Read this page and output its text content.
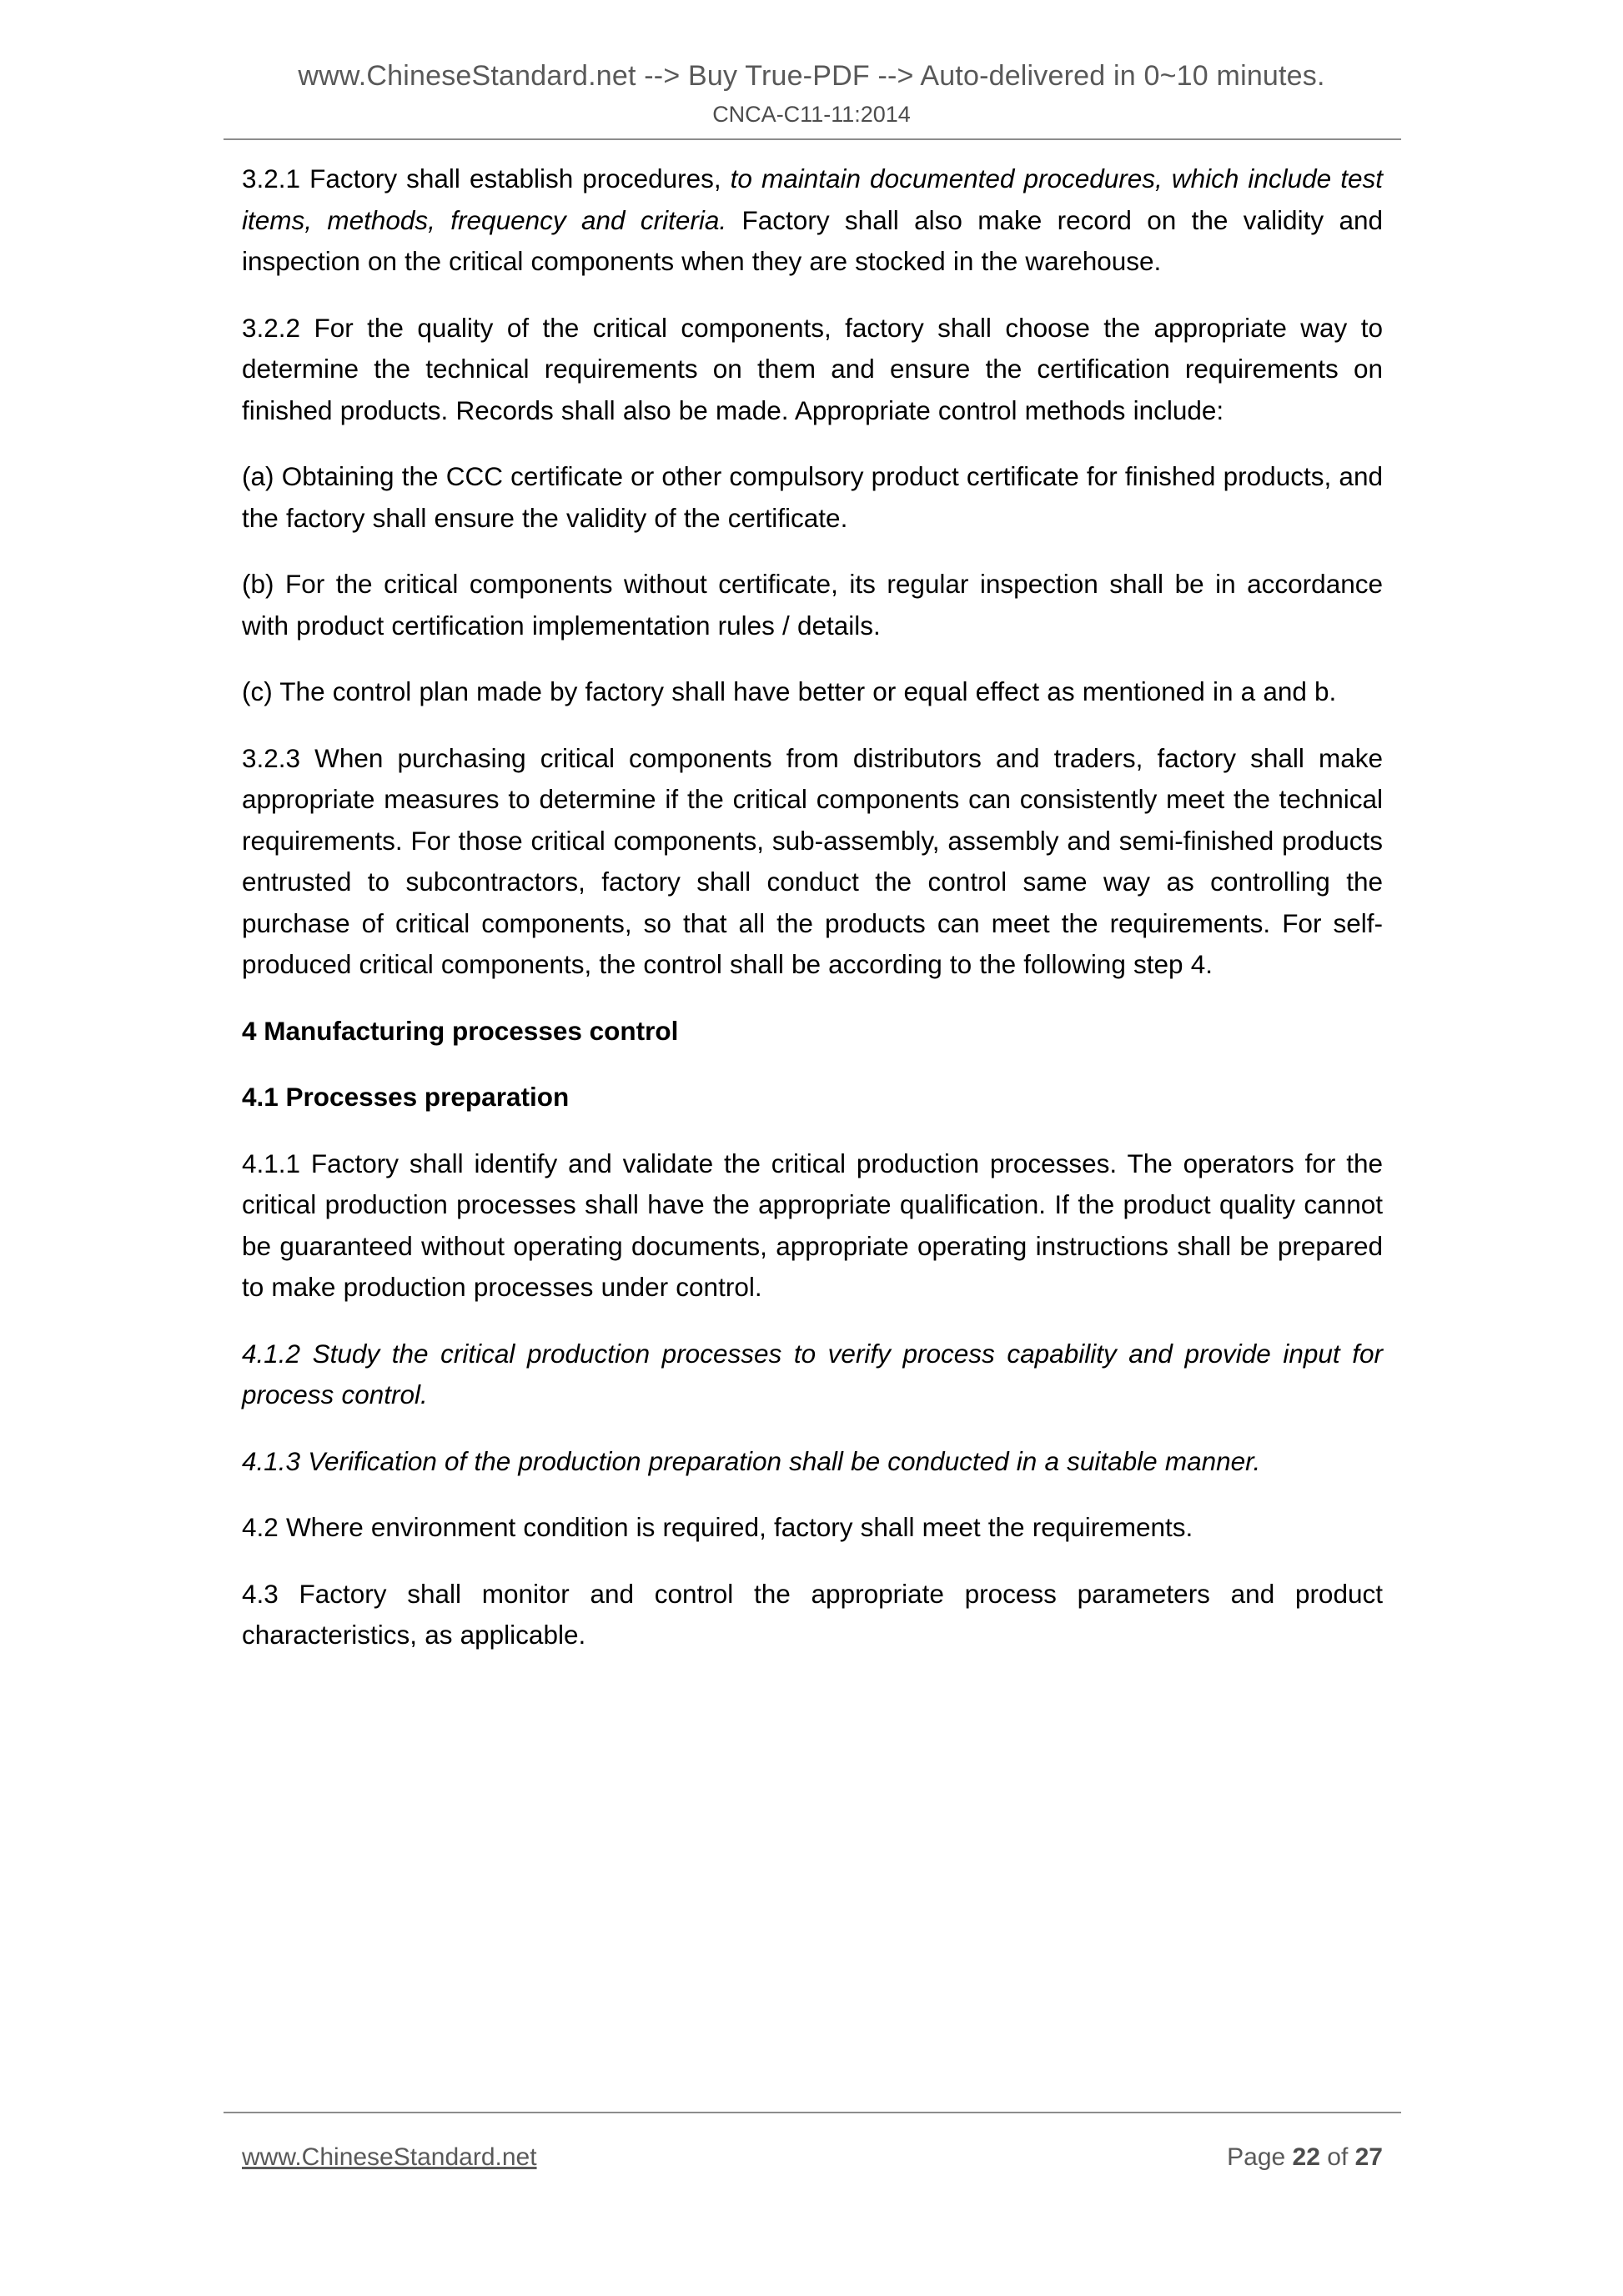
www.ChineseStandard.net --> Buy True-PDF --> Auto-delivered in 0~10 minutes.
CNCA-C11-11:2014

3.2.1 Factory shall establish procedures, to maintain documented procedures, which include test items, methods, frequency and criteria. Factory shall also make record on the validity and inspection on the critical components when they are stocked in the warehouse.

3.2.2 For the quality of the critical components, factory shall choose the appropriate way to determine the technical requirements on them and ensure the certification requirements on finished products. Records shall also be made. Appropriate control methods include:

(a) Obtaining the CCC certificate or other compulsory product certificate for finished products, and the factory shall ensure the validity of the certificate.

(b) For the critical components without certificate, its regular inspection shall be in accordance with product certification implementation rules / details.

(c) The control plan made by factory shall have better or equal effect as mentioned in a and b.

3.2.3 When purchasing critical components from distributors and traders, factory shall make appropriate measures to determine if the critical components can consistently meet the technical requirements. For those critical components, sub-assembly, assembly and semi-finished products entrusted to subcontractors, factory shall conduct the control same way as controlling the purchase of critical components, so that all the products can meet the requirements. For self-produced critical components, the control shall be according to the following step 4.

4 Manufacturing processes control
4.1 Processes preparation

4.1.1 Factory shall identify and validate the critical production processes. The operators for the critical production processes shall have the appropriate qualification. If the product quality cannot be guaranteed without operating documents, appropriate operating instructions shall be prepared to make production processes under control.

4.1.2 Study the critical production processes to verify process capability and provide input for process control.

4.1.3 Verification of the production preparation shall be conducted in a suitable manner.

4.2 Where environment condition is required, factory shall meet the requirements.

4.3 Factory shall monitor and control the appropriate process parameters and product characteristics, as applicable.

www.ChineseStandard.net	Page 22 of 27
